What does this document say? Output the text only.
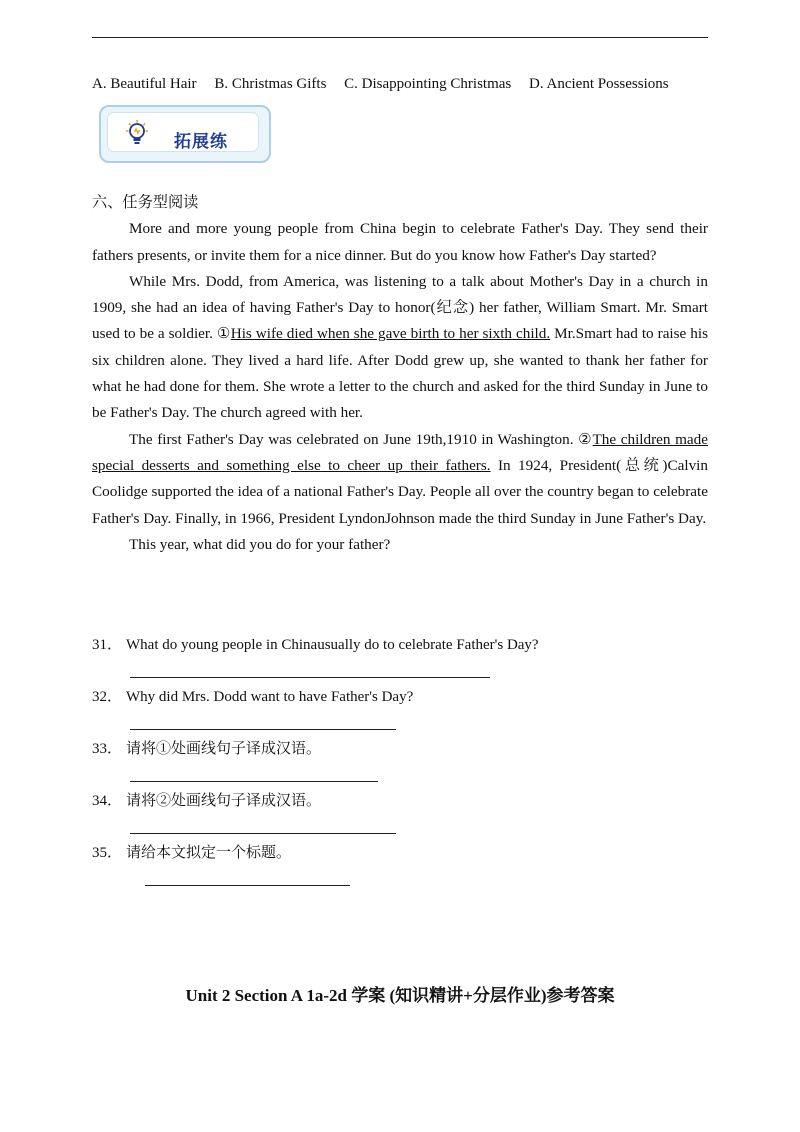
A. Beautiful Hair B. Christmas Gifts C. Disappointing Christmas D. Ancient Possessions
拓展练

六、任务型阅读

More and more young people from China begin to celebrate Father's Day. They send their fathers presents, or invite them for a nice dinner. But do you know how Father's Day started?

While Mrs. Dodd, from America, was listening to a talk about Mother's Day in a church in 1909, she had an idea of having Father's Day to honor(纪念) her father, William Smart. Mr. Smart used to be a soldier. ①His wife died when she gave birth to her sixth child. Mr.Smart had to raise his six children alone. They lived a hard life. After Dodd grew up, she wanted to thank her father for what he had done for them. She wrote a letter to the church and asked for the third Sunday in June to be Father's Day. The church agreed with her.

The first Father's Day was celebrated on June 19th,1910 in Washington. ②The children made special desserts and something else to cheer up their fathers. In 1924, President(总统)Calvin Coolidge supported the idea of a national Father's Day. People all over the country began to celebrate Father's Day. Finally, in 1966, President LyndonJohnson made the third Sunday in June Father's Day.

This year, what did you do for your father?

31． What do young people in Chinausually do to celebrate Father's Day?
32． Why did Mrs. Dodd want to have Father's Day?
33． 请将①处画线句子译成汉语。
34． 请将②处画线句子译成汉语。
35． 请给本文拟定一个标题。
Unit 2 Section A 1a-2d 学案 (知识精讲+分层作业)参考答案
